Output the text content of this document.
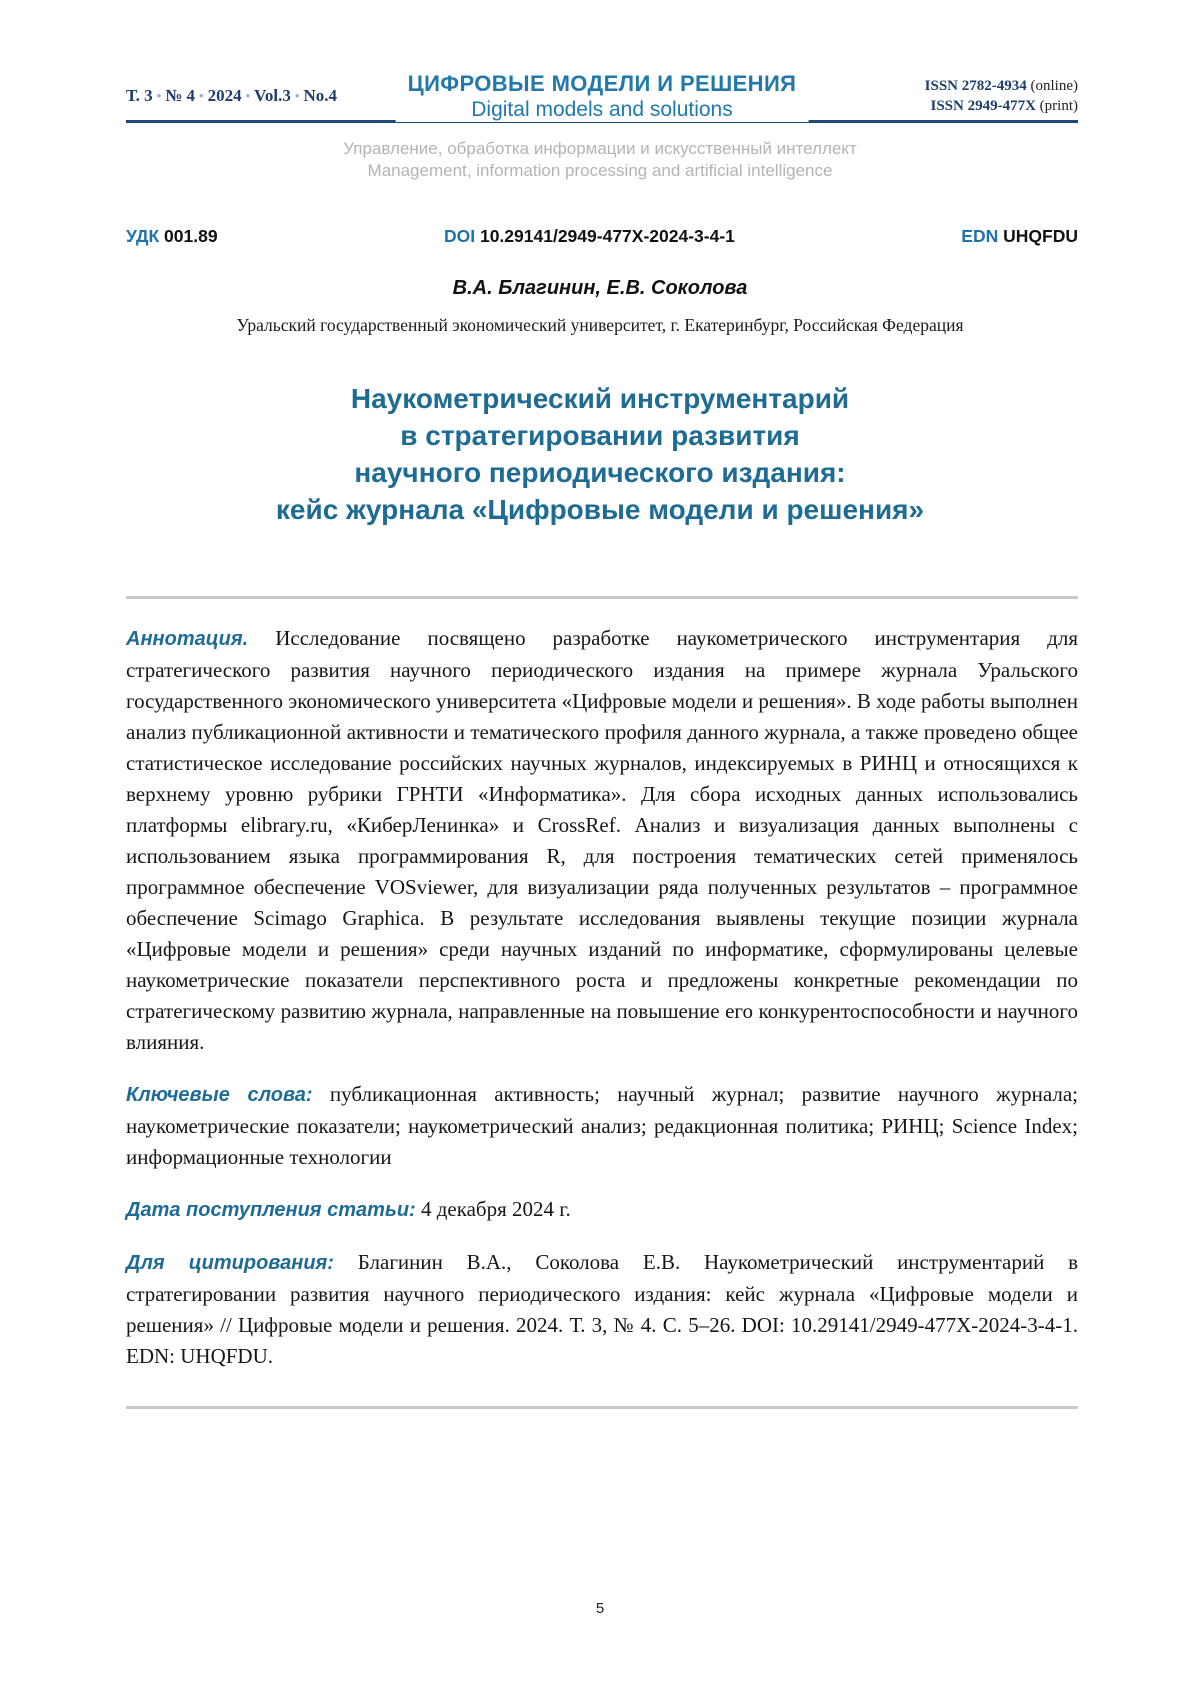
Т. 3 • № 4 • 2024 • Vol.3 • No.4	ЦИФРОВЫЕ МОДЕЛИ И РЕШЕНИЯ
Digital models and solutions
ISSN 2782-4934 (online)
ISSN 2949-477X (print)
Управление, обработка информации и искусственный интеллект
Management, information processing and artificial intelligence
УДК 001.89	DOI 10.29141/2949-477X-2024-3-4-1	EDN UHQFDU
В.А. Благинин, Е.В. Соколова
Уральский государственный экономический университет, г. Екатеринбург, Российская Федерация
Наукометрический инструментарий
в стратегировании развития
научного периодического издания:
кейс журнала «Цифровые модели и решения»

Аннотация. Исследование посвящено разработке наукометрического инструментария для стратегического развития научного периодического издания на примере журнала Уральского государственного экономического университета «Цифровые модели и решения». В ходе работы выполнен анализ публикационной активности и тематического профиля данного журнала, а также проведено общее статистическое исследование российских научных журналов, индексируемых в РИНЦ и относящихся к верхнему уровню рубрики ГРНТИ «Информатика». Для сбора исходных данных использовались платформы elibrary.ru, «КиберЛенинка» и CrossRef. Анализ и визуализация данных выполнены с использованием языка программирования R, для построения тематических сетей применялось программное обеспечение VOSviewer, для визуализации ряда полученных результатов – программное обеспечение Scimago Graphica. В результате исследования выявлены текущие позиции журнала «Цифровые модели и решения» среди научных изданий по информатике, сформулированы целевые наукометрические показатели перспективного роста и предложены конкретные рекомендации по стратегическому развитию журнала, направленные на повышение его конкурентоспособности и научного влияния.

Ключевые слова: публикационная активность; научный журнал; развитие научного журнала; наукометрические показатели; наукометрический анализ; редакционная политика; РИНЦ; Science Index; информационные технологии

Дата поступления статьи: 4 декабря 2024 г.

Для цитирования: Благинин В.А., Соколова Е.В. Наукометрический инструментарий в стратегировании развития научного периодического издания: кейс журнала «Цифровые модели и решения» // Цифровые модели и решения. 2024. Т. 3, № 4. С. 5–26. DOI: 10.29141/2949-477X-2024-3-4-1. EDN: UHQFDU.

5
